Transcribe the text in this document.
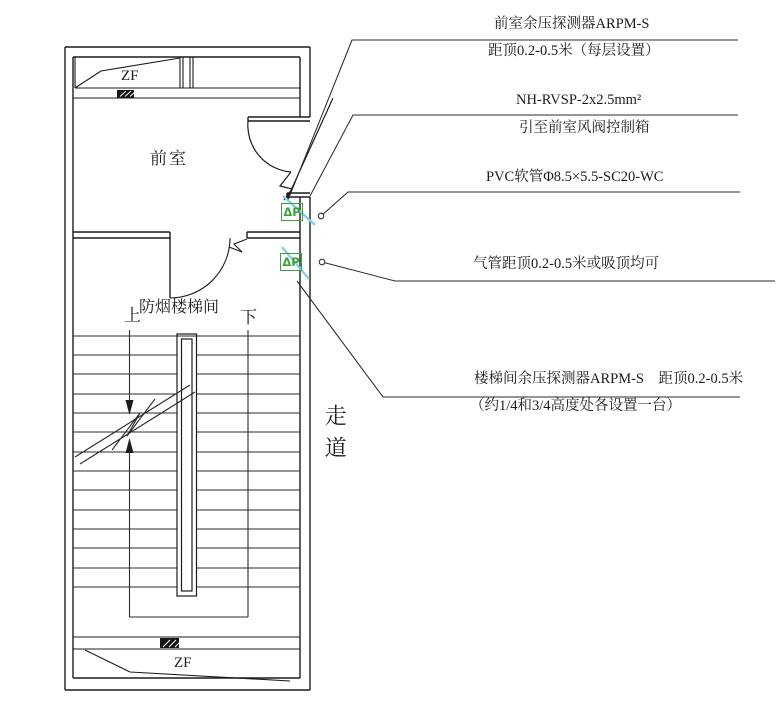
ΔP
ΔP
ZF
前室
防烟楼梯间
上	下
走道
ZF
前室余压探测器ARPM-S
距顶0.2-0.5米（每层设置）
NH-RVSP-2x2.5mm²
引至前室风阀控制箱
PVC软管Φ8.5×5.5-SC20-WC
气管距顶0.2-0.5米或吸顶均可
楼梯间余压探测器ARPM-S　距顶0.2-0.5米
（约1/4和3/4高度处各设置一台）
